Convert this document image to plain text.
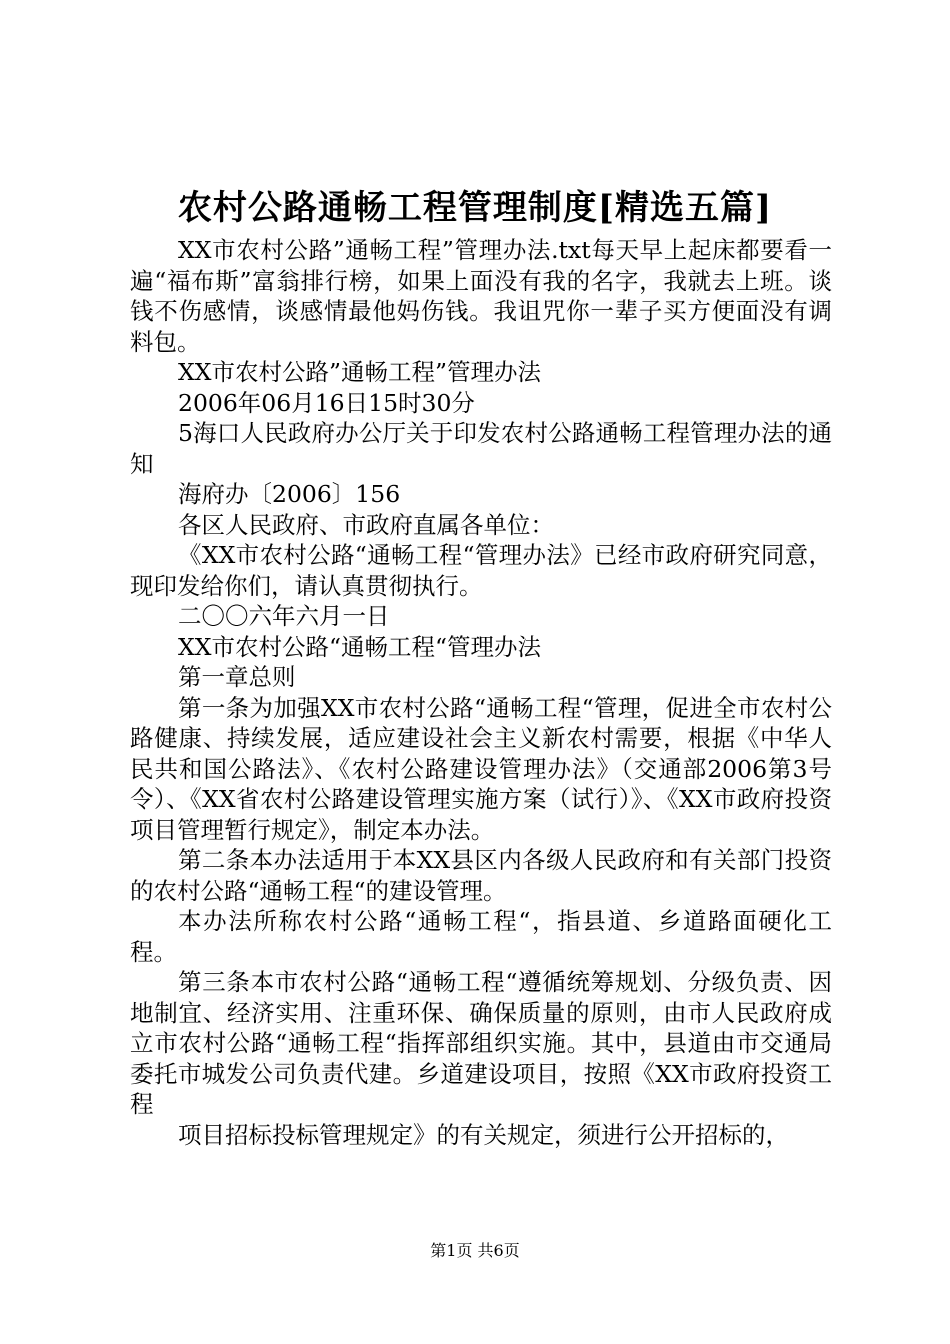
农村公路通畅工程管理制度[精选五篇]

XX市农村公路”通畅工程”管理办法.txt每天早上起床都要看一遍“福布斯”富翁排行榜，如果上面没有我的名字，我就去上班。谈钱不伤感情，谈感情最他妈伤钱。我诅咒你一辈子买方便面没有调料包。

XX市农村公路”通畅工程”管理办法

2006年06月16日15时30分

5海口人民政府办公厅关于印发农村公路通畅工程管理办法的通知

海府办〔2006〕156

各区人民政府、市政府直属各单位：

《XX市农村公路“通畅工程“管理办法》已经市政府研究同意，现印发给你们，请认真贯彻执行。

二〇〇六年六月一日

XX市农村公路“通畅工程“管理办法

第一章总则

第一条为加强XX市农村公路“通畅工程“管理，促进全市农村公路健康、持续发展，适应建设社会主义新农村需要，根据《中华人民共和国公路法》、《农村公路建设管理办法》（交通部2006第3号令）、《XX省农村公路建设管理实施方案（试行）》、《XX市政府投资项目管理暂行规定》，制定本办法。

第二条本办法适用于本XX县区内各级人民政府和有关部门投资的农村公路“通畅工程“的建设管理。

本办法所称农村公路“通畅工程“，指县道、乡道路面硬化工程。

第三条本市农村公路“通畅工程“遵循统筹规划、分级负责、因地制宜、经济实用、注重环保、确保质量的原则，由市人民政府成立市农村公路“通畅工程“指挥部组织实施。其中，县道由市交通局委托市城发公司负责代建。乡道建设项目，按照《XX市政府投资工程

项目招标投标管理规定》的有关规定，须进行公开招标的，

第1页 共6页
